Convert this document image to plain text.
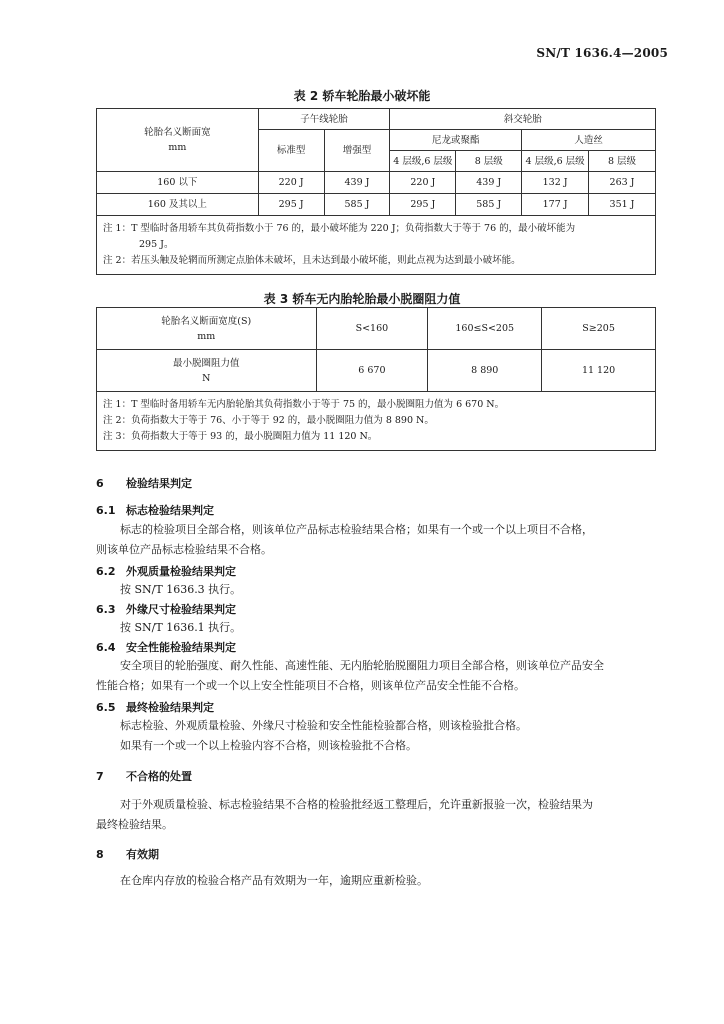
SN/T 1636.4—2005
表 2 轿车轮胎最小破坏能
轮胎名义断面宽
mm	子午线轮胎		斜交轮胎			
	标准型	增强型	尼龙或聚酯		人造丝	
			4 层级,6 层级	8 层级	4 层级,6 层级	8 层级
160 以下	220 J	439 J	220 J	439 J	132 J	263 J
160 及其以上	295 J	585 J	295 J	585 J	177 J	351 J

注 1：T 型临时备用轿车其负荷指数小于 76 的，最小破坏能为 220 J；负荷指数大于等于 76 的，最小破坏能为
295 J。
注 2：若压头触及轮辋而所测定点胎体未破坏，且未达到最小破坏能，则此点视为达到最小破坏能。						
表 3 轿车无内胎轮胎最小脱圈阻力值
轮胎名义断面宽度(S)
mm	S<160	160≤S<205	S≥205

最小脱圈阻力值
N	6 670	8 890	11 120

注 1：T 型临时备用轿车无内胎轮胎其负荷指数小于等于 75 的，最小脱圈阻力值为 6 670 N。
注 2：负荷指数大于等于 76、小于等于 92 的，最小脱圈阻力值为 8 890 N。
注 3：负荷指数大于等于 93 的，最小脱圈阻力值为 11 120 N。			
6 检验结果判定
6.1 标志检验结果判定
标志的检验项目全部合格，则该单位产品标志检验结果合格；如果有一个或一个以上项目不合格，
则该单位产品标志检验结果不合格。
6.2 外观质量检验结果判定
按 SN/T 1636.3 执行。
6.3 外缘尺寸检验结果判定
按 SN/T 1636.1 执行。
6.4 安全性能检验结果判定
安全项目的轮胎强度、耐久性能、高速性能、无内胎轮胎脱圈阻力项目全部合格，则该单位产品安全
性能合格；如果有一个或一个以上安全性能项目不合格，则该单位产品安全性能不合格。
6.5 最终检验结果判定
标志检验、外观质量检验、外缘尺寸检验和安全性能检验都合格，则该检验批合格。
如果有一个或一个以上检验内容不合格，则该检验批不合格。
7 不合格的处置
对于外观质量检验、标志检验结果不合格的检验批经返工整理后，允许重新报验一次，检验结果为
最终检验结果。
8 有效期
在仓库内存放的检验合格产品有效期为一年，逾期应重新检验。
